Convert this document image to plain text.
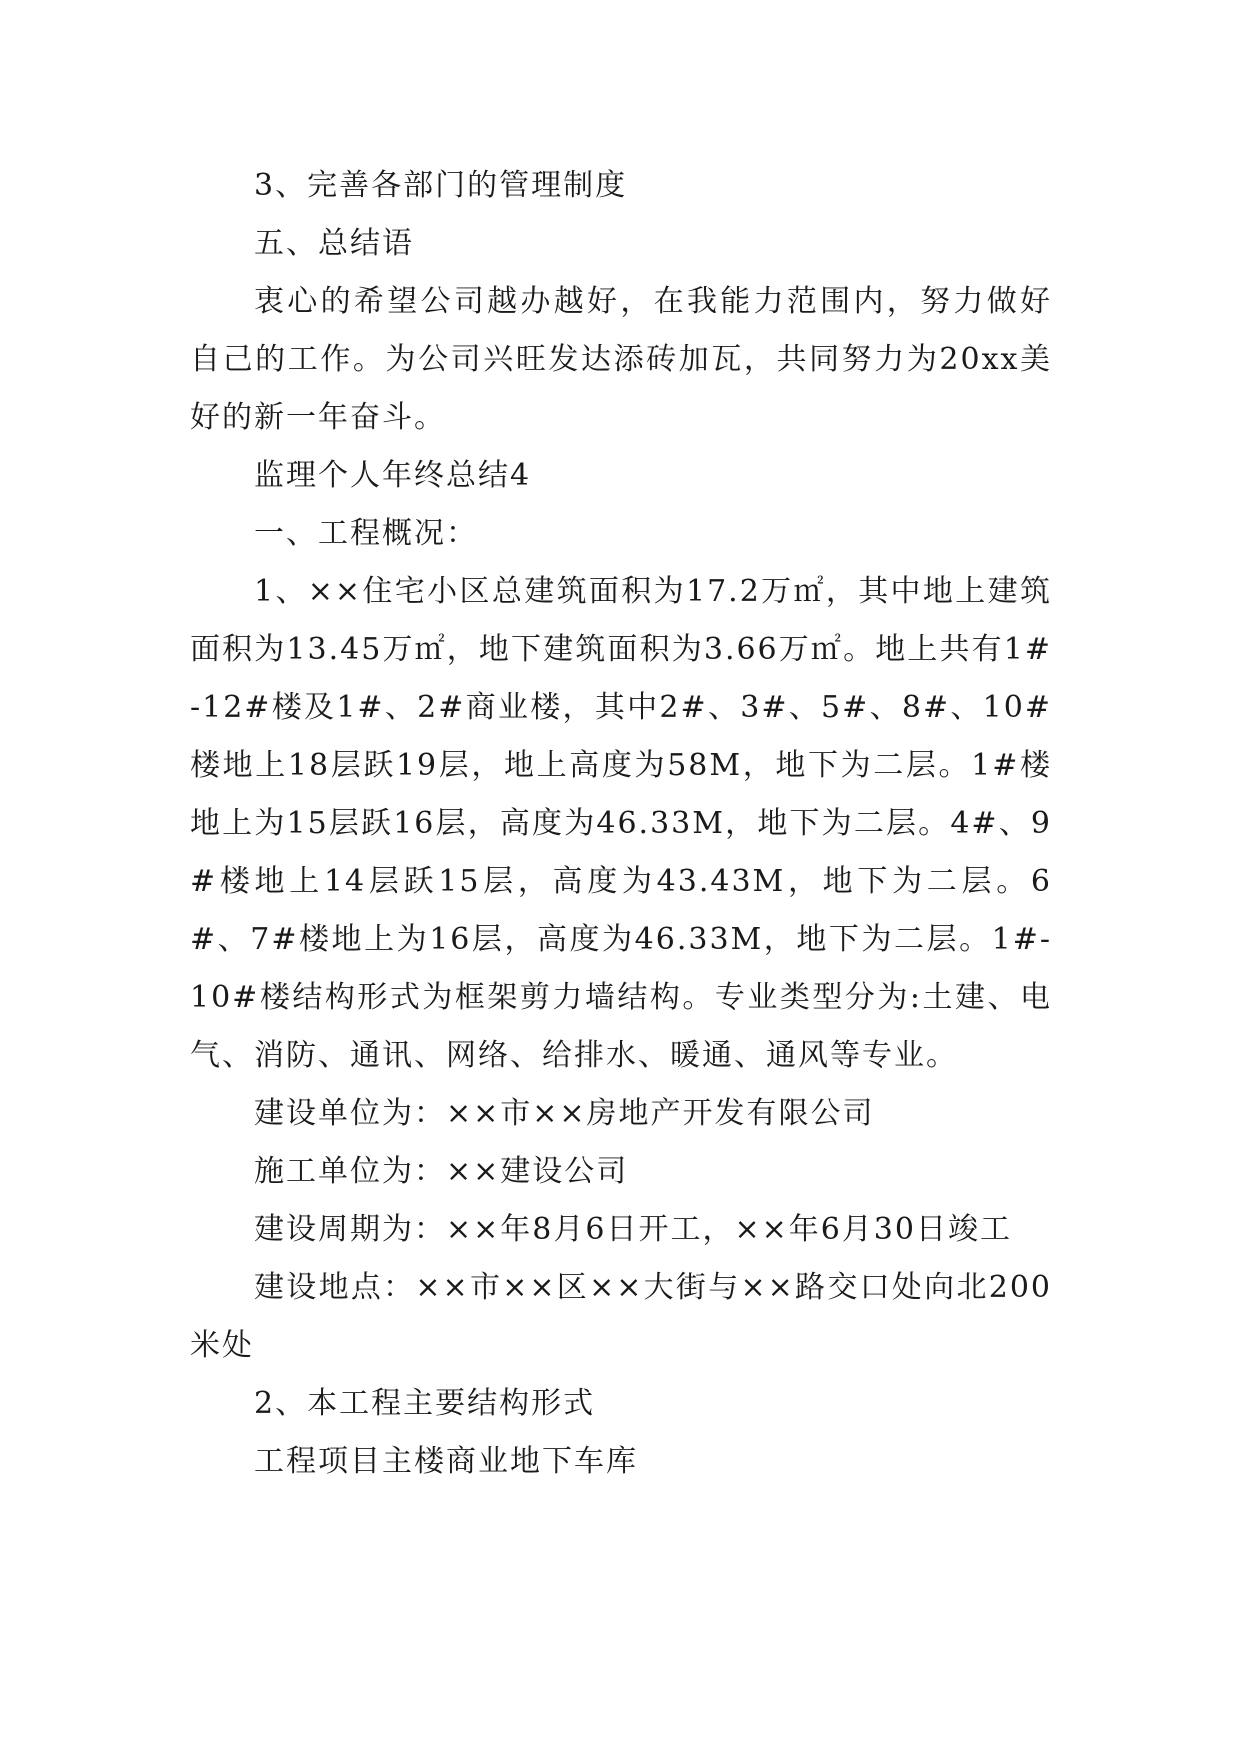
3、完善各部门的管理制度

五、总结语

衷心的希望公司越办越好，在我能力范围内，努力做好自己的工作。为公司兴旺发达添砖加瓦，共同努力为20xx美好的新一年奋斗。

监理个人年终总结4

一、工程概况：

1、××住宅小区总建筑面积为17.2万㎡，其中地上建筑面积为13.45万㎡，地下建筑面积为3.66万㎡。地上共有1#-12#楼及1#、2#商业楼，其中2#、3#、5#、8#、10#楼地上18层跃19层，地上高度为58M，地下为二层。1#楼地上为15层跃16层，高度为46.33M，地下为二层。4#、9#楼地上14层跃15层，高度为43.43M，地下为二层。6#、7#楼地上为16层，高度为46.33M，地下为二层。1#-10#楼结构形式为框架剪力墙结构。专业类型分为:土建、电气、消防、通讯、网络、给排水、暖通、通风等专业。

建设单位为：××市××房地产开发有限公司

施工单位为：××建设公司

建设周期为：××年8月6日开工，××年6月30日竣工

建设地点：××市××区××大街与××路交口处向北200米处

2、本工程主要结构形式

工程项目主楼商业地下车库
